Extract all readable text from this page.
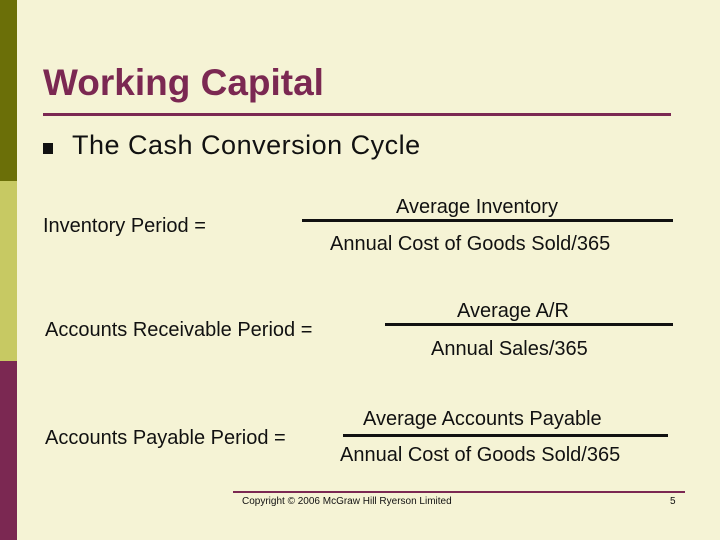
Working Capital
The Cash Conversion Cycle
Inventory Period =
Average Inventory
Annual Cost of Goods Sold/365
Accounts Receivable Period =
Average A/R
Annual Sales/365
Accounts Payable Period =
Average Accounts Payable
Annual Cost of Goods Sold/365
Copyright © 2006 McGraw Hill Ryerson Limited	5
